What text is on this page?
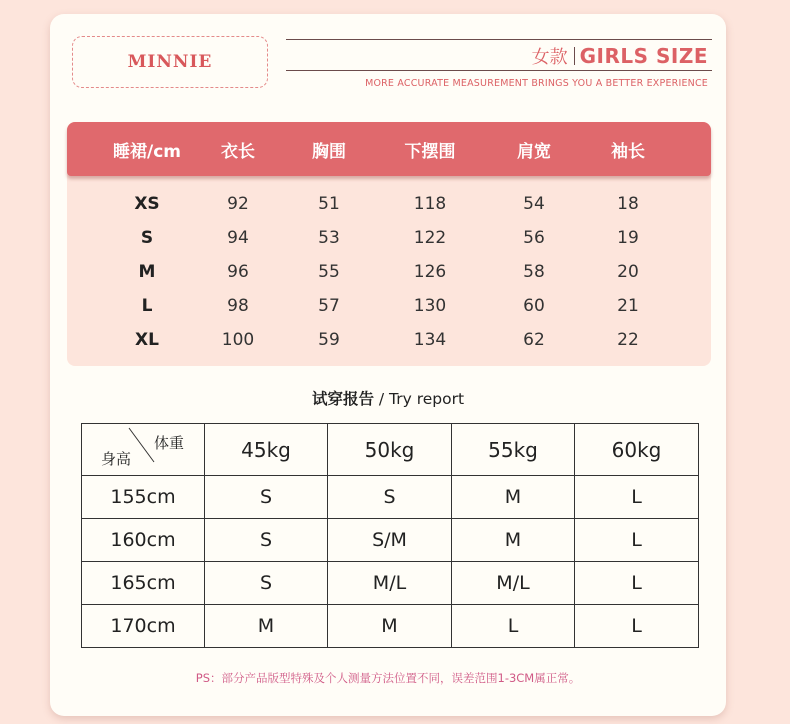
MINNIE	女款 GIRLS SIZE
MORE ACCURATE MEASUREMENT BRINGS YOU A BETTER EXPERIENCE
睡裙/cm 衣长	胸围	下摆围	肩宽	袖长
XS	92	51	118	54	18
S	94	53	122	56	19
M	96	55	126	58	20
L	98	57	130	60	21
XL	100	59	134	62	22
试穿报告 / Try report
身高
体重	45kg	50kg	55kg	60kg
155cm	S	S	M	L
160cm	S	S/M	M	L
165cm	S	M/L	M/L	L
170cm	M	M	L	L
PS：部分产品版型特殊及个人测量方法位置不同，误差范围1-3CM属正常。
